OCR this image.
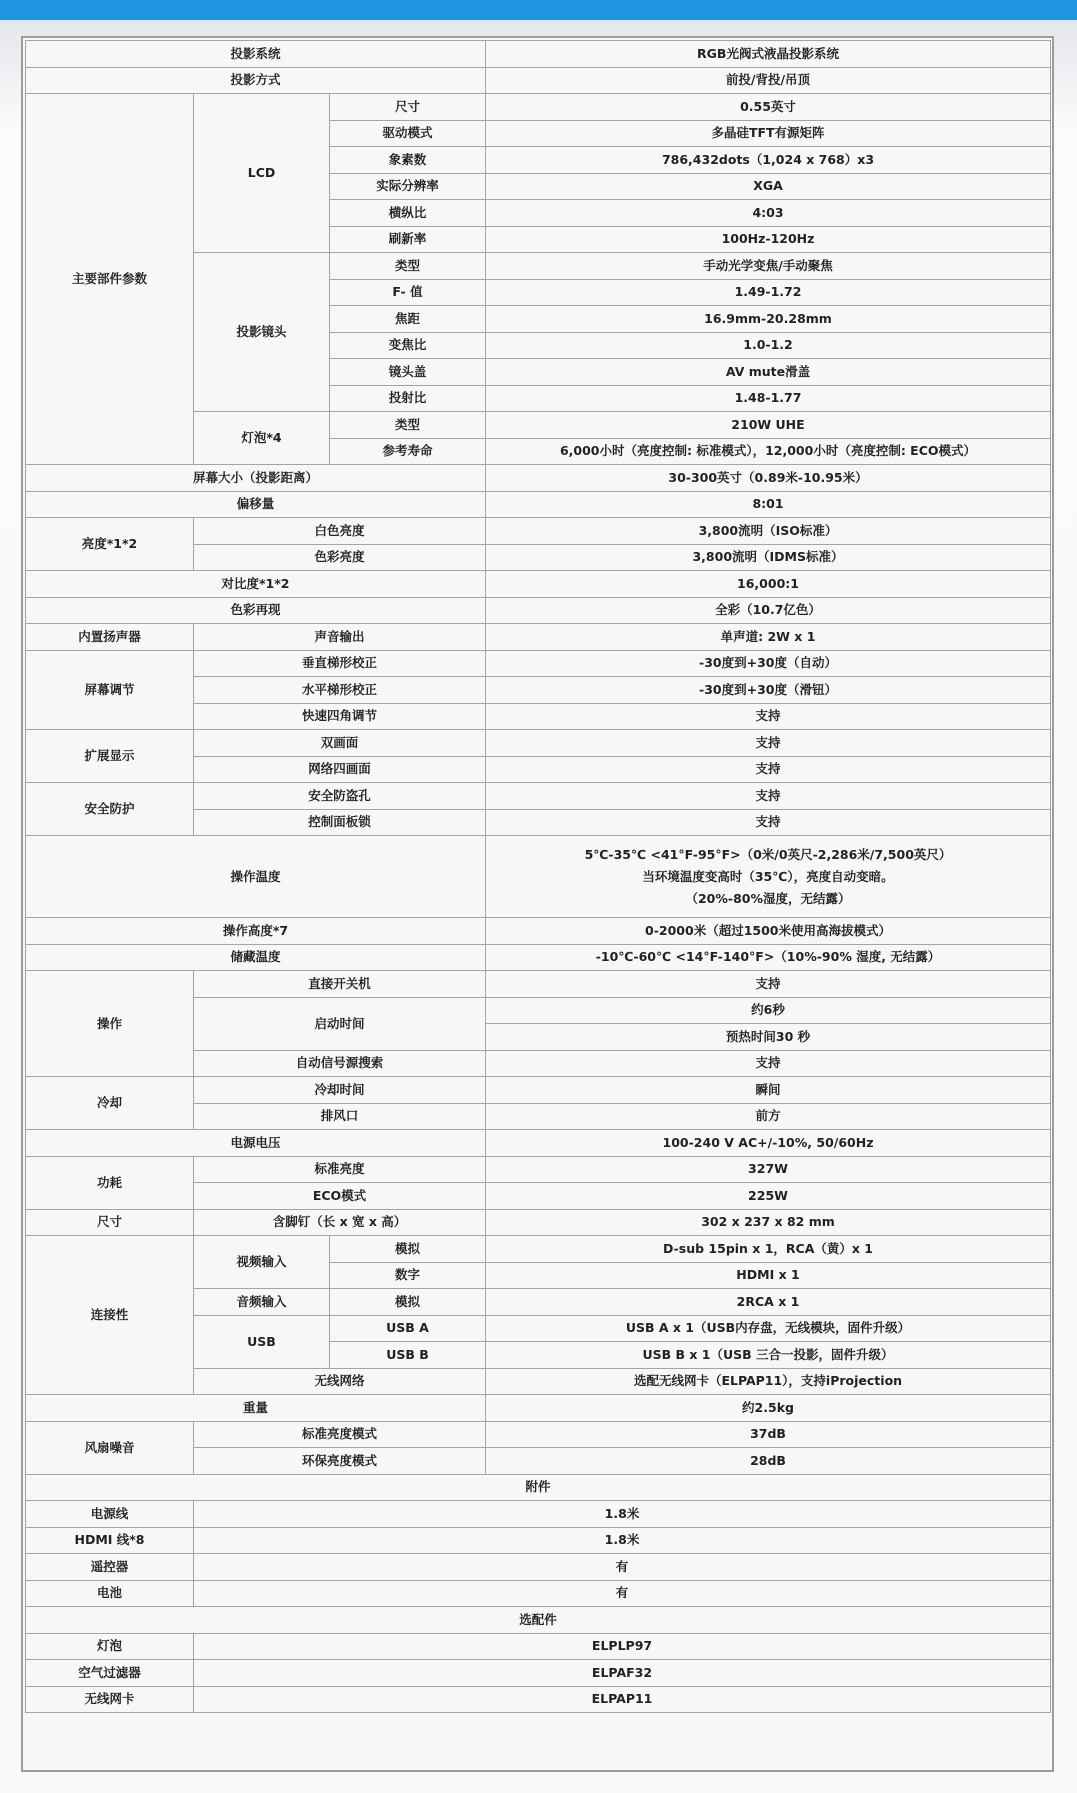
投影系统			RGB光阀式液晶投影系统
投影方式			前投/背投/吊顶
主要部件参数	LCD	尺寸	0.55英寸
		驱动模式	多晶硅TFT有源矩阵
		象素数	786,432dots（1,024 x 768）x3
		实际分辨率	XGA
		横纵比	4:03
		刷新率	100Hz-120Hz
	投影镜头	类型	手动光学变焦/手动聚焦
		F- 值	1.49-1.72
		焦距	16.9mm-20.28mm
		变焦比	1.0-1.2
		镜头盖	AV mute滑盖
		投射比	1.48-1.77
	灯泡*4	类型	210W UHE
		参考寿命	6,000小时（亮度控制: 标准模式），12,000小时（亮度控制: ECO模式）
屏幕大小（投影距离）			30-300英寸（0.89米-10.95米）
偏移量			8:01
亮度*1*2	白色亮度		3,800流明（ISO标准）
	色彩亮度		3,800流明（IDMS标准）
对比度*1*2			16,000:1
色彩再现			全彩（10.7亿色）
内置扬声器	声音输出		单声道: 2W x 1
屏幕调节	垂直梯形校正		-30度到+30度（自动）
	水平梯形校正		-30度到+30度（滑钮）
	快速四角调节		支持
扩展显示	双画面		支持
	网络四画面		支持
安全防护	安全防盗孔		支持
	控制面板锁		支持
操作温度			5℃-35℃ <41°F-95°F>（0米/0英尺-2,286米/7,500英尺）
当环境温度变高时（35℃），亮度自动变暗。
（20%-80%湿度，无结露）

操作高度*7			0-2000米（超过1500米使用高海拔模式）
储藏温度			-10℃-60℃ <14°F-140°F>（10%-90% 湿度, 无结露）
操作	直接开关机		支持
	启动时间		约6秒
			预热时间30 秒
	自动信号源搜索		支持
冷却	冷却时间		瞬间
	排风口		前方
电源电压			100-240 V AC+/-10%, 50/60Hz
功耗	标准亮度		327W
	ECO模式		225W
尺寸	含脚钉（长 x 宽 x 高）		302 x 237 x 82 mm
连接性	视频输入	模拟	D-sub 15pin x 1，RCA（黄）x 1
		数字	HDMI x 1
	音频输入	模拟	2RCA x 1
	USB	USB A	USB A x 1（USB内存盘，无线模块，固件升级）
		USB B	USB B x 1（USB 三合一投影，固件升级）
	无线网络		选配无线网卡（ELPAP11），支持iProjection
重量			约2.5kg
风扇噪音	标准亮度模式		37dB
	环保亮度模式		28dB
附件			
电源线	1.8米		
HDMI 线*8	1.8米		
遥控器	有		
电池	有		
选配件			
灯泡	ELPLP97		
空气过滤器	ELPAF32		
无线网卡	ELPAP11		
